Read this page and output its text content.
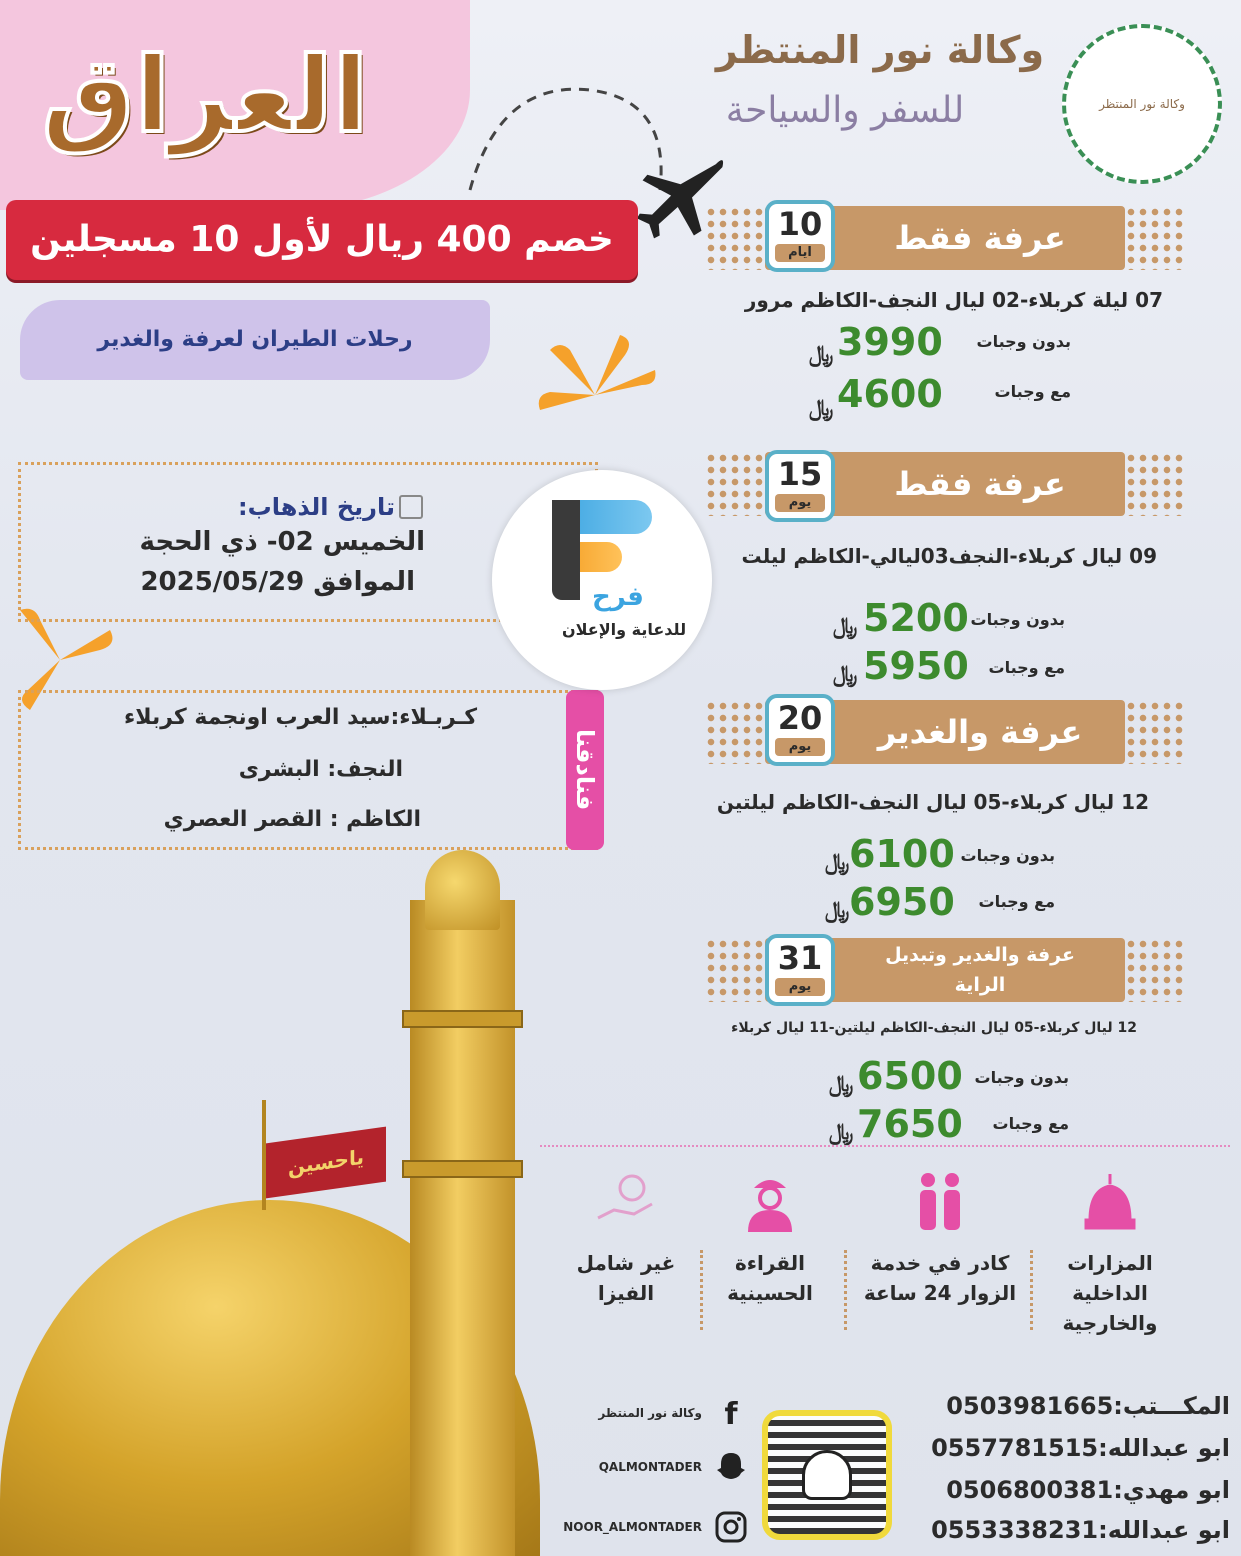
العراق
خصم 400 ريال لأول 10 مسجلين
رحلات الطيران لعرفة والغدير
وكالة نور المنتظر
للسفر والسياحة	وكالة نور المنتظر
عرفة فقط
10
ايام
07 ليلة كربلاء-02 ليال النجف-الكاظم مرور
بدون وجبات
3990
﷼
مع وجبات
4600
﷼
عرفة فقط
15
يوم
09 ليال كربلاء-النجف03ليالي-الكاظم ليلت
بدون وجبات
5200
﷼
مع وجبات
5950
﷼
عرفة والغدير
20
يوم
12 ليال كربلاء-05 ليال النجف-الكاظم ليلتين
بدون وجبات
6100
﷼
مع وجبات
6950
﷼
عرفة والغدير وتبديل
الراية
31
يوم
12 ليال كربلاء-05 ليال النجف-الكاظم ليلتين-11 ليال كربلاء
بدون وجبات
6500
﷼
مع وجبات
7650
﷼
تاريخ الذهاب:
الخميس 02- ذي الحجة
الموافق 2025/05/29
كـربـلاء:سيد العرب اونجمة كربلاء
النجف: البشرى
الكاظم : القصر العصري
فنادقنا
فرح
للدعاية والإعلان
ياحسين
المزارات
الداخلية
والخارجية
كادر في خدمة
الزوار 24 ساعة
القراءة
الحسينية
غير شامل
الفيزا
المكـــتب:0503981665
ابو عبدالله:0557781515
ابو مهدي:0506800381
ابو عبدالله:0553338231
f
وكالة نور المنتظر
QALMONTADER
NOOR_ALMONTADER
